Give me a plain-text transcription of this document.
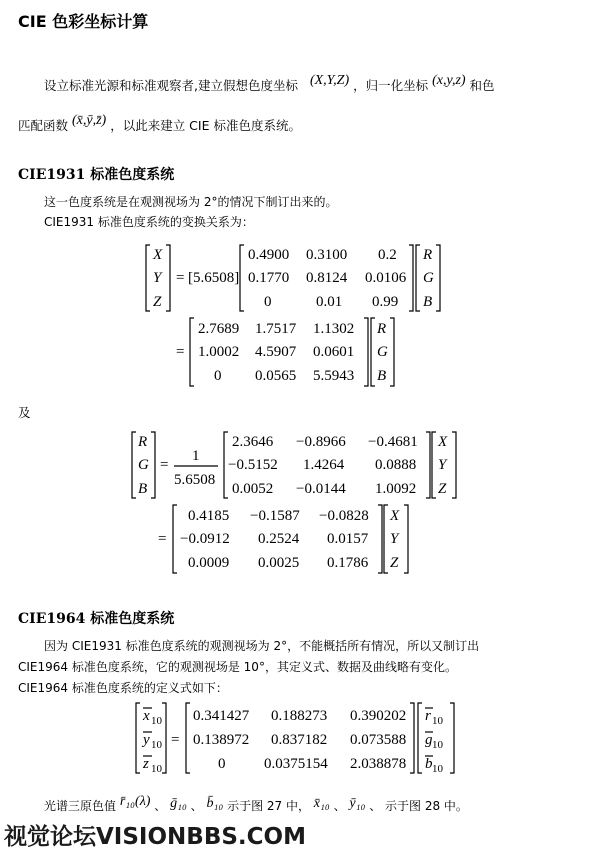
CIE 色彩坐标计算
设立标准光源和标准观察者,建立假想色度坐标 (X,Y,Z) ，归一化坐标 (x,y,z) 和色
匹配函数 (x̄,ȳ,z̄) ，以此来建立 CIE 标准色度系统。
CIE1931 标准色度系统
这一色度系统是在观测视场为 2°的情况下制订出来的。
CIE1931 标准色度系统的变换关系为：
X
Y
Z
= [5.6508]
0.4900 0.3100 0.2
0.1770 0.8124 0.0106
0	0.01 0.99
R
G
B
=
2.7689 1.7517 1.1302
1.0002 4.5907 0.0601
0 0.0565 5.5943
R
G
B
R
G
B
=
1
5.6508
2.3646 −0.8966 −0.4681
−0.5152 1.4264 0.0888
0.0052 −0.0144 1.0092
X
Y
Z
=
0.4185 −0.1587 −0.0828
−0.0912 0.2524 0.0157
0.0009 0.0025 0.1786
X
Y
Z
x 10
y 10
z 10
=
0.341427 0.188273 0.390202
0.138972 0.837182 0.073588
0	0.0375154 2.038878
r 10
g 10
b 10
及
CIE1964 标准色度系统
因为 CIE1931 标准色度系统的观测视场为 2°，不能概括所有情况，所以又制订出
CIE1964 标准色度系统，它的观测视场是 10°，其定义式、数据及曲线略有变化。
CIE1964 标准色度系统的定义式如下：
光谱三原色值 r̄₁₀(λ) 、 ḡ₁₀ 、 b̄₁₀ 示于图 27 中， x̄₁₀ 、 ȳ₁₀ 、 示于图 28 中。
视觉论坛VISIONBBS.COM
